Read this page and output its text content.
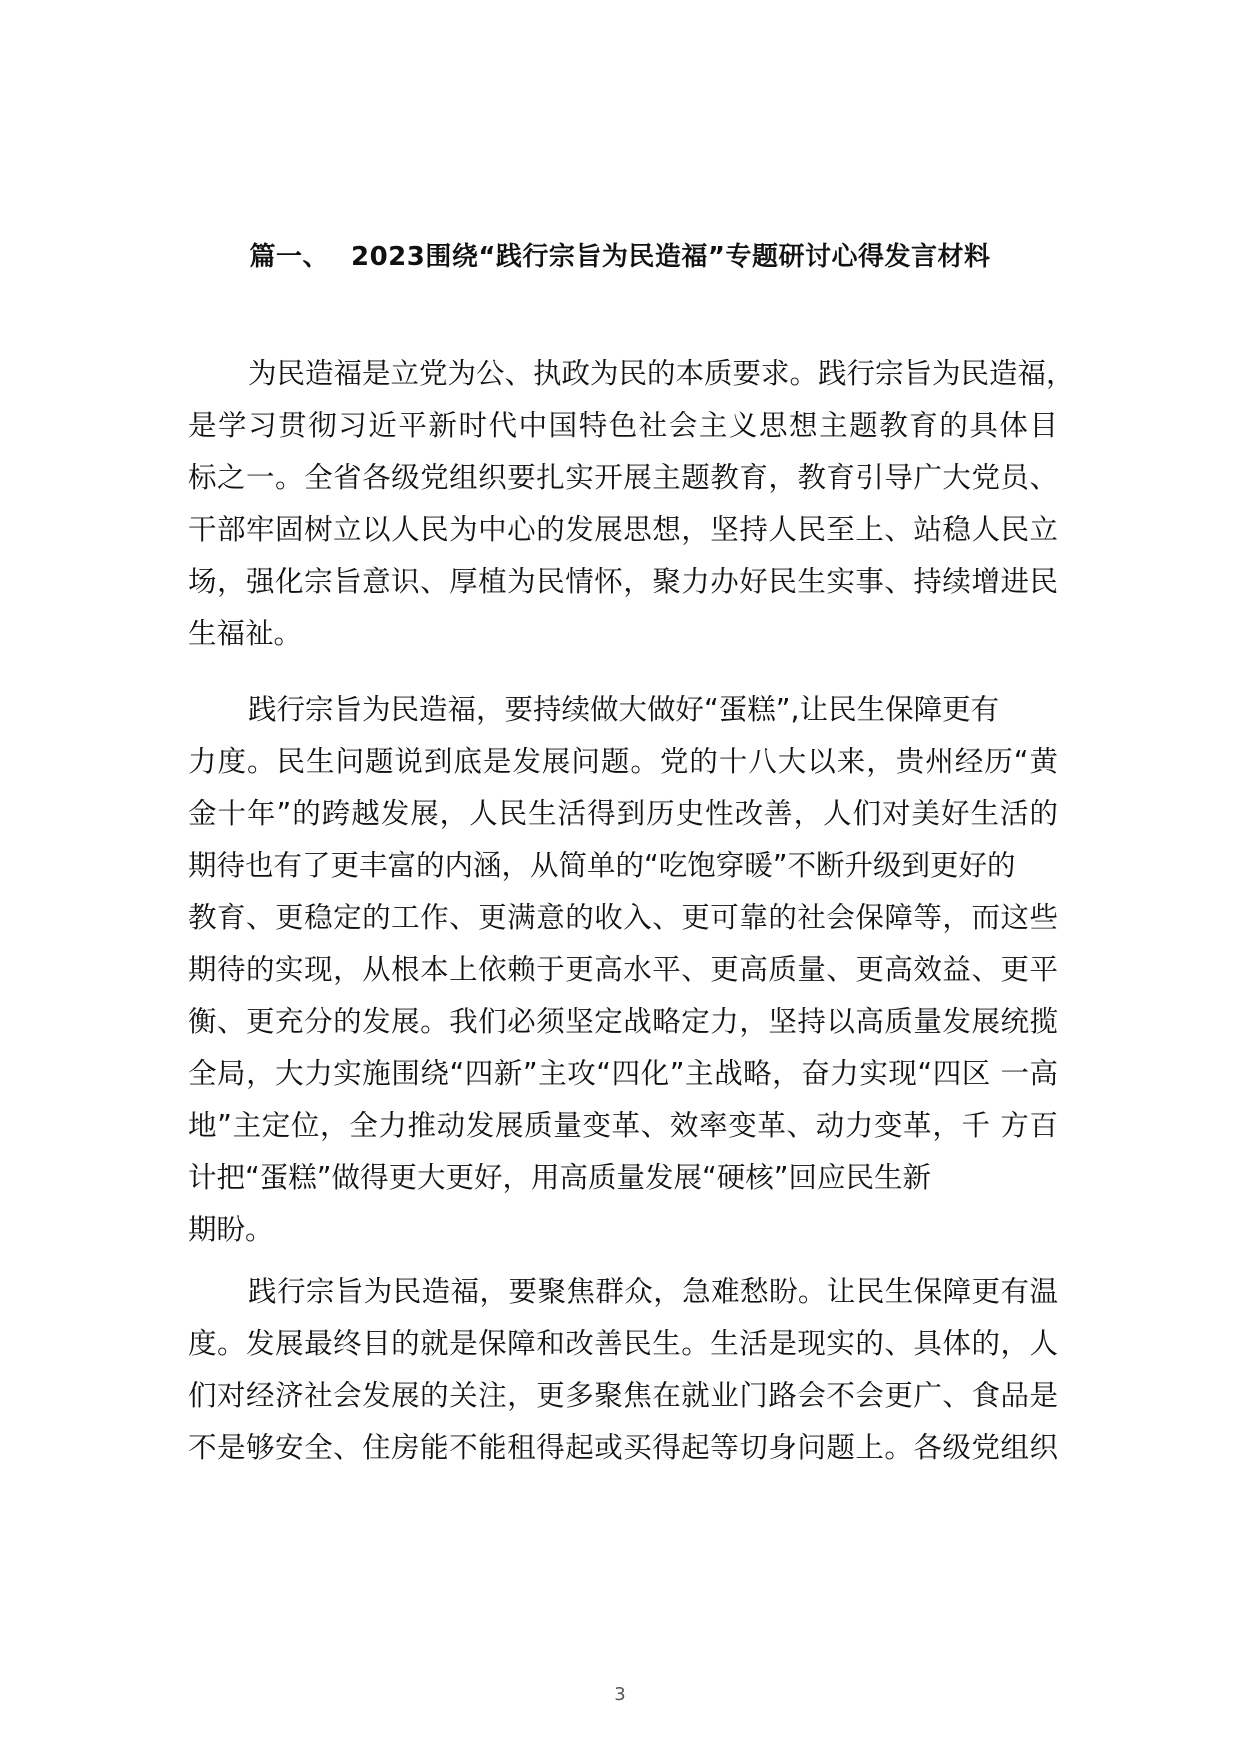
篇一、 2023围绕“践行宗旨为民造福”专题研讨心得发言材料
为民造福是立党为公、执政为民的本质要求。践行宗旨为民造福，
是学习贯彻习近平新时代中国特色社会主义思想主题教育的具体目
标之一。全省各级党组织要扎实开展主题教育，教育引导广大党员、
干部牢固树立以人民为中心的发展思想，坚持人民至上、站稳人民立
场，强化宗旨意识、厚植为民情怀，聚力办好民生实事、持续增进民
生福祉。
践行宗旨为民造福，要持续做大做好“蛋糕”,让民生保障更有
力度。民生问题说到底是发展问题。党的十八大以来，贵州经历“黄
金十年”的跨越发展，人民生活得到历史性改善，人们对美好生活的
期待也有了更丰富的内涵，从简单的“吃饱穿暖”不断升级到更好的
教育、更稳定的工作、更满意的收入、更可靠的社会保障等，而这些
期待的实现，从根本上依赖于更高水平、更高质量、更高效益、更平
衡、更充分的发展。我们必须坚定战略定力，坚持以高质量发展统揽
全局，大力实施围绕“四新”主攻“四化”主战略，奋力实现“四区 一高
地”主定位，全力推动发展质量变革、效率变革、动力变革，千 方百
计把“蛋糕”做得更大更好，用高质量发展“硬核”回应民生新
期盼。
践行宗旨为民造福，要聚焦群众，急难愁盼。让民生保障更有温
度。发展最终目的就是保障和改善民生。生活是现实的、具体的，人
们对经济社会发展的关注，更多聚焦在就业门路会不会更广、食品是
不是够安全、住房能不能租得起或买得起等切身问题上。各级党组织
3
